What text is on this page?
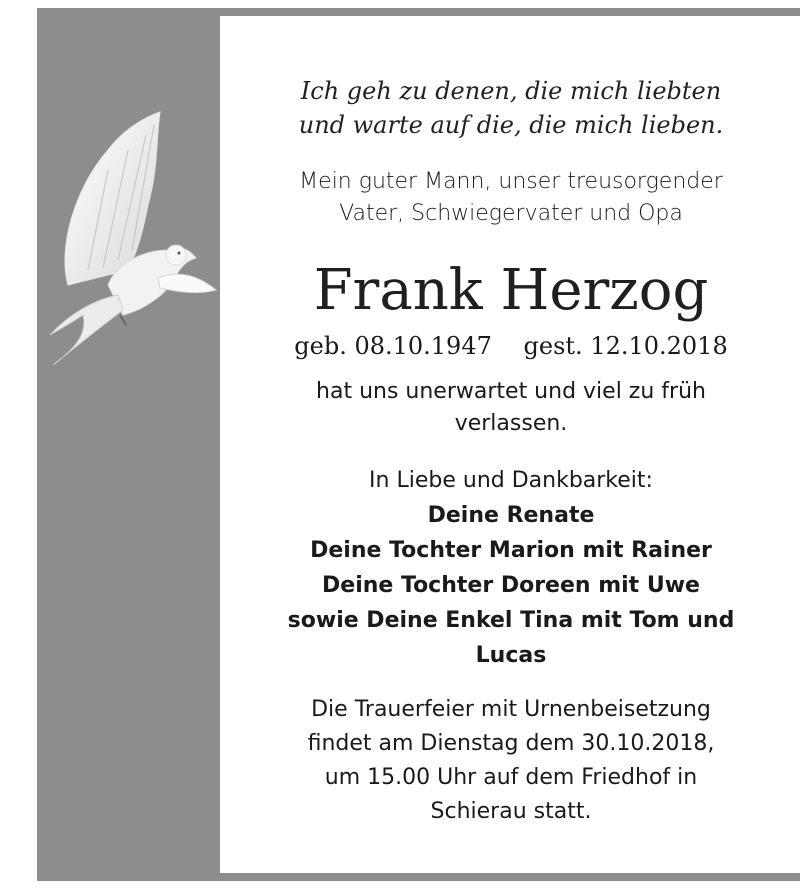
Ich geh zu denen, die mich liebten
und warte auf die, die mich lieben.
Mein guter Mann, unser treusorgender
Vater, Schwiegervater und Opa
Frank Herzog
geb. 08.10.1947 gest. 12.10.2018
hat uns unerwartet und viel zu früh
verlassen.
In Liebe und Dankbarkeit:
Deine Renate
Deine Tochter Marion mit Rainer
Deine Tochter Doreen mit Uwe
sowie Deine Enkel Tina mit Tom und
Lucas
Die Trauerfeier mit Urnenbeisetzung
findet am Dienstag dem 30.10.2018,
um 15.00 Uhr auf dem Friedhof in
Schierau statt.
